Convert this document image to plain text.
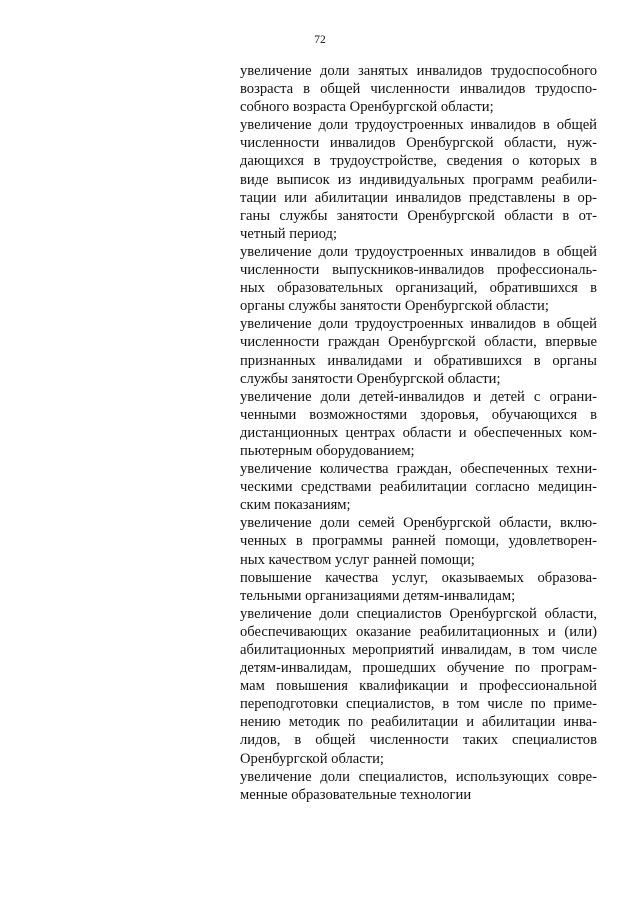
72
увеличение доли занятых инвалидов трудоспособного
возраста в общей численности инвалидов трудоспо-
собного возраста Оренбургской области;
увеличение доли трудоустроенных инвалидов в общей
численности инвалидов Оренбургской области, нуж-
дающихся в трудоустройстве, сведения о которых в
виде выписок из индивидуальных программ реабили-
тации или абилитации инвалидов представлены в ор-
ганы службы занятости Оренбургской области в от-
четный период;
увеличение доли трудоустроенных инвалидов в общей
численности выпускников-инвалидов профессиональ-
ных образовательных организаций, обратившихся в
органы службы занятости Оренбургской области;
увеличение доли трудоустроенных инвалидов в общей
численности граждан Оренбургской области, впервые
признанных инвалидами и обратившихся в органы
службы занятости Оренбургской области;
увеличение доли детей-инвалидов и детей с ограни-
ченными возможностями здоровья, обучающихся в
дистанционных центрах области и обеспеченных ком-
пьютерным оборудованием;
увеличение количества граждан, обеспеченных техни-
ческими средствами реабилитации согласно медицин-
ским показаниям;
увеличение доли семей Оренбургской области, вклю-
ченных в программы ранней помощи, удовлетворен-
ных качеством услуг ранней помощи;
повышение качества услуг, оказываемых образова-
тельными организациями детям-инвалидам;
увеличение доли специалистов Оренбургской области,
обеспечивающих оказание реабилитационных и (или)
абилитационных мероприятий инвалидам, в том числе
детям-инвалидам, прошедших обучение по програм-
мам повышения квалификации и профессиональной
переподготовки специалистов, в том числе по приме-
нению методик по реабилитации и абилитации инва-
лидов, в общей численности таких специалистов
Оренбургской области;
увеличение доли специалистов, использующих совре-
менные образовательные технологии
